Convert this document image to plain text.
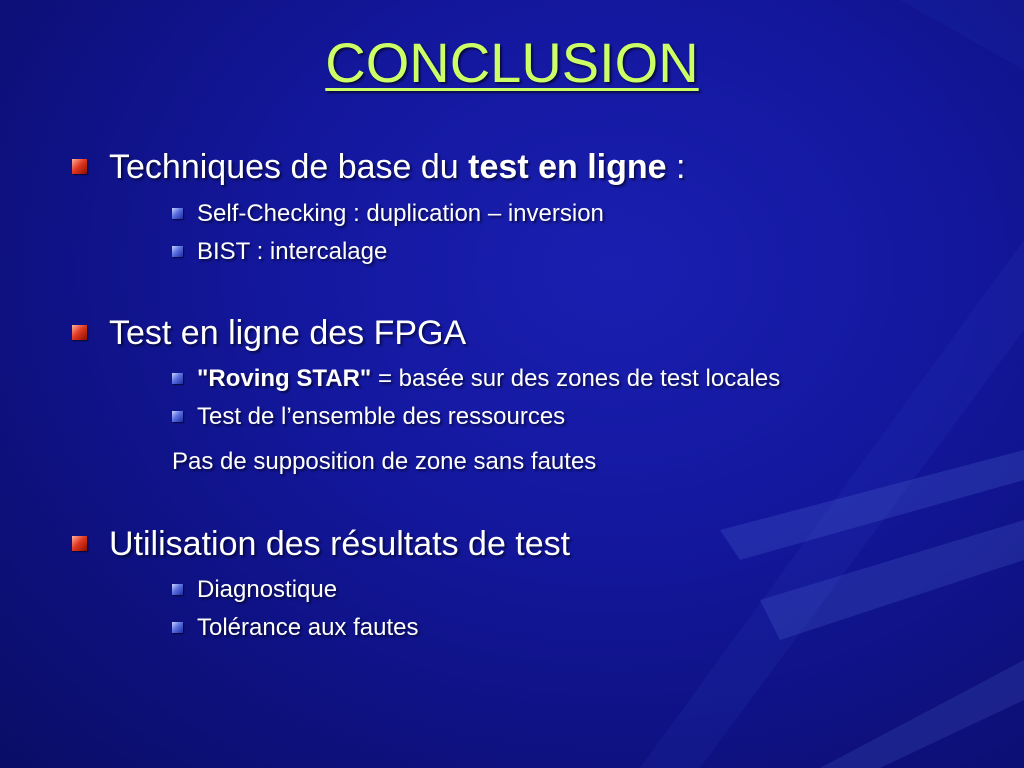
CONCLUSION
Techniques de base du test en ligne :
Self-Checking : duplication – inversion
BIST : intercalage
Test en ligne des FPGA
"Roving STAR" = basée sur des zones de test locales
Test de l’ensemble des ressources
Pas de supposition de zone sans fautes
Utilisation des résultats de test
Diagnostique
Tolérance aux fautes
